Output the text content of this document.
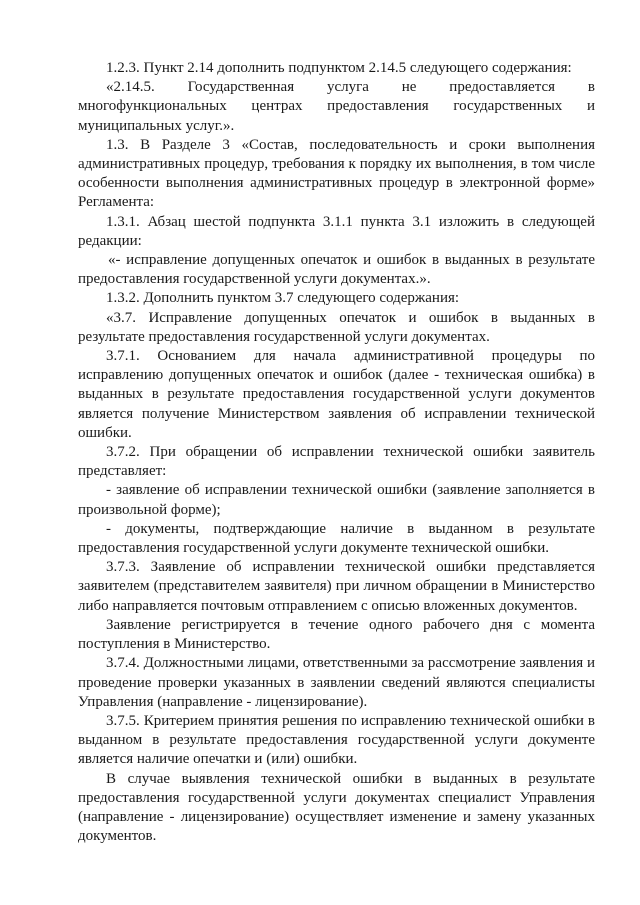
1.2.3. Пункт 2.14 дополнить подпунктом 2.14.5 следующего содержания:

«2.14.5. Государственная услуга не предоставляется в многофункциональных центрах предоставления государственных и муниципальных услуг.».

1.3. В Разделе 3 «Состав, последовательность и сроки выполнения административных процедур, требования к порядку их выполнения, в том числе особенности выполнения административных процедур в электронной форме» Регламента:

1.3.1. Абзац шестой подпункта 3.1.1 пункта 3.1 изложить в следующей редакции:

«- исправление допущенных опечаток и ошибок в выданных в результате предоставления государственной услуги документах.».

1.3.2. Дополнить пунктом 3.7 следующего содержания:

«3.7. Исправление допущенных опечаток и ошибок в выданных в результате предоставления государственной услуги документах.

3.7.1. Основанием для начала административной процедуры по исправлению допущенных опечаток и ошибок (далее - техническая ошибка) в выданных в результате предоставления государственной услуги документов является получение Министерством заявления об исправлении технической ошибки.

3.7.2. При обращении об исправлении технической ошибки заявитель представляет:

- заявление об исправлении технической ошибки (заявление заполняется в произвольной форме);

- документы, подтверждающие наличие в выданном в результате предоставления государственной услуги документе технической ошибки.

3.7.3. Заявление об исправлении технической ошибки представляется заявителем (представителем заявителя) при личном обращении в Министерство либо направляется почтовым отправлением с описью вложенных документов.

Заявление регистрируется в течение одного рабочего дня с момента поступления в Министерство.

3.7.4. Должностными лицами, ответственными за рассмотрение заявления и проведение проверки указанных в заявлении сведений являются специалисты Управления (направление - лицензирование).

3.7.5. Критерием принятия решения по исправлению технической ошибки в выданном в результате предоставления государственной услуги документе является наличие опечатки и (или) ошибки.

В случае выявления технической ошибки в выданных в результате предоставления государственной услуги документах специалист Управления (направление - лицензирование) осуществляет изменение и замену указанных документов.
